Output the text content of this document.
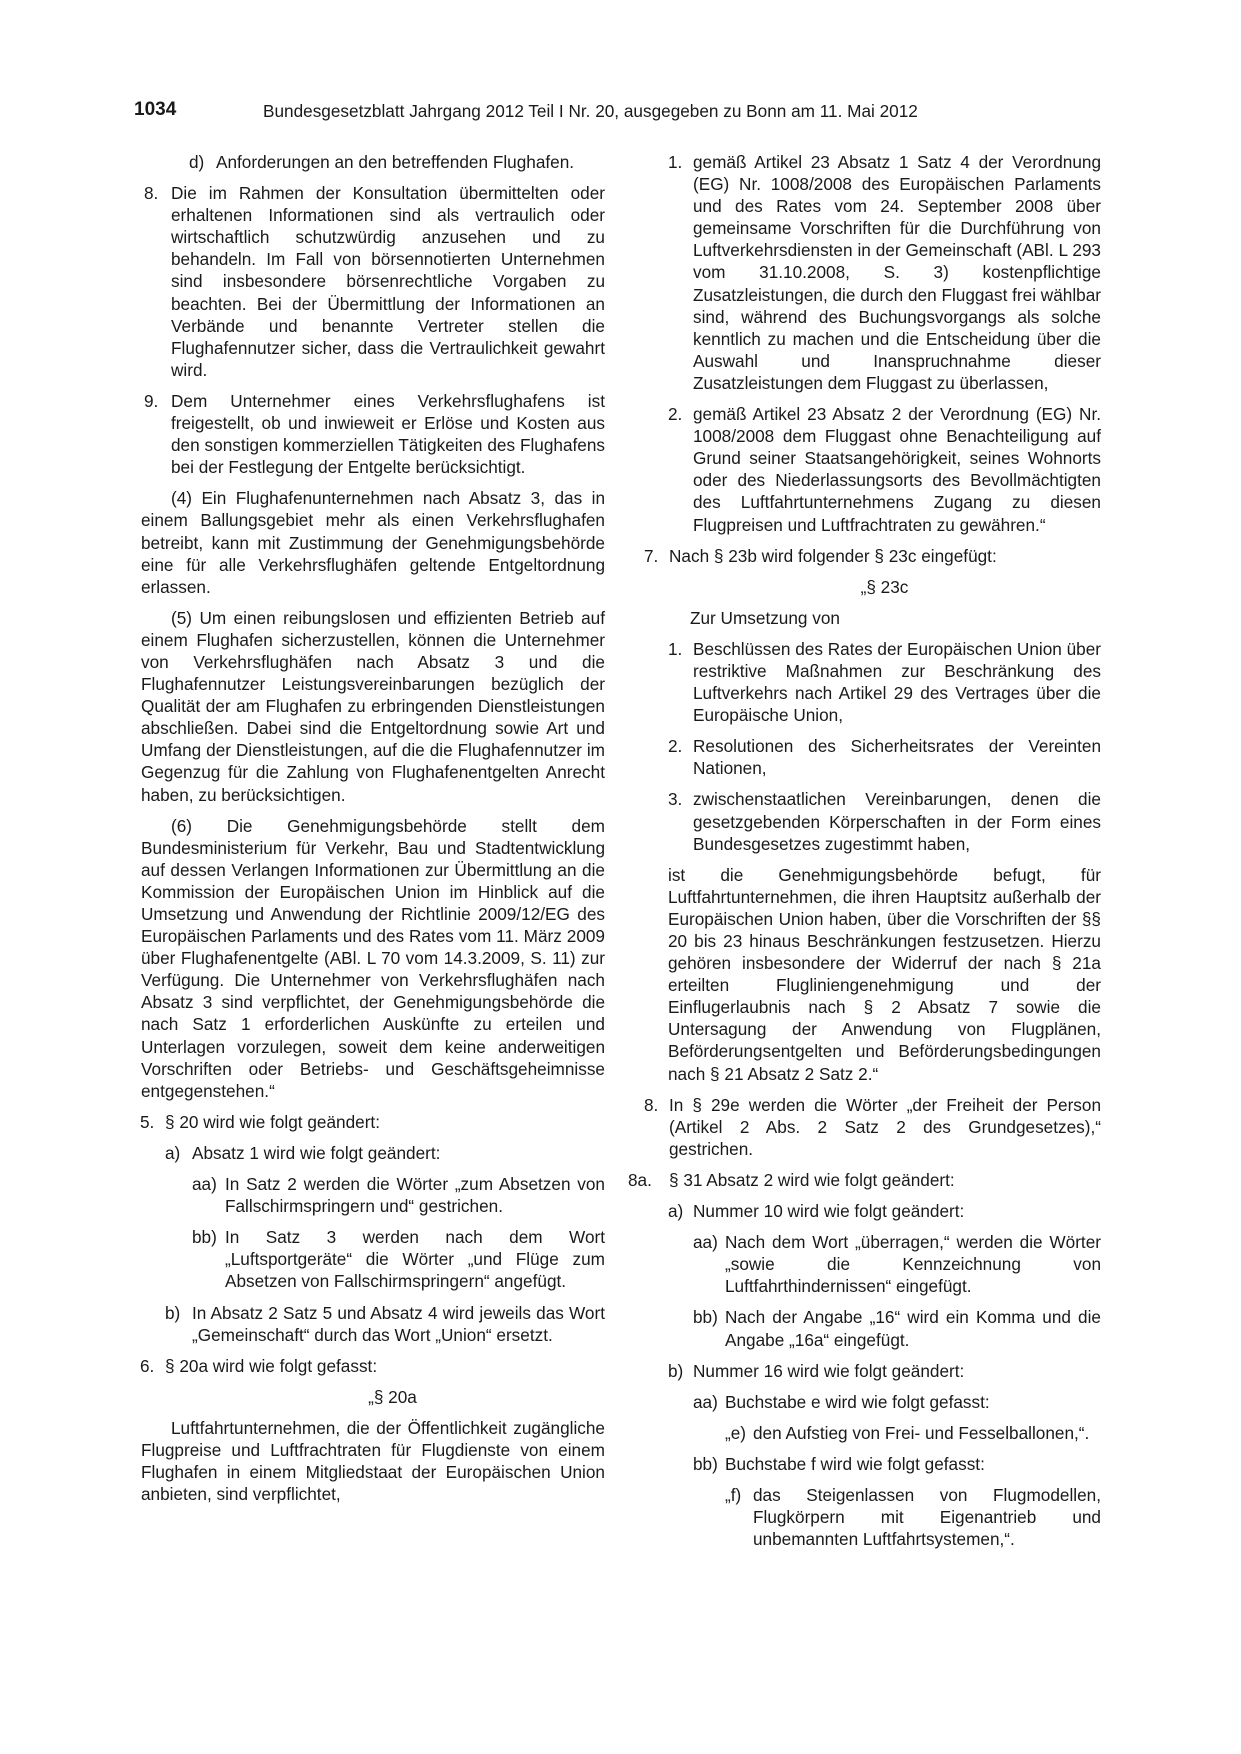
1034	Bundesgesetzblatt Jahrgang 2012 Teil I Nr. 20, ausgegeben zu Bonn am 11. Mai 2012
d) Anforderungen an den betreffenden Flughafen.
8. Die im Rahmen der Konsultation übermittelten oder erhaltenen Informationen sind als vertraulich oder wirtschaftlich schutzwürdig anzusehen und zu behandeln. Im Fall von börsennotierten Unternehmen sind insbesondere börsenrechtliche Vorgaben zu beachten. Bei der Übermittlung der Informationen an Verbände und benannte Vertreter stellen die Flughafennutzer sicher, dass die Vertraulichkeit gewahrt wird.
9. Dem Unternehmer eines Verkehrsflughafens ist freigestellt, ob und inwieweit er Erlöse und Kosten aus den sonstigen kommerziellen Tätigkeiten des Flughafens bei der Festlegung der Entgelte berücksichtigt.

(4) Ein Flughafenunternehmen nach Absatz 3, das in einem Ballungsgebiet mehr als einen Verkehrsflughafen betreibt, kann mit Zustimmung der Genehmigungsbehörde eine für alle Verkehrsflughäfen geltende Entgeltordnung erlassen.

(5) Um einen reibungslosen und effizienten Betrieb auf einem Flughafen sicherzustellen, können die Unternehmer von Verkehrsflughäfen nach Absatz 3 und die Flughafennutzer Leistungsvereinbarungen bezüglich der Qualität der am Flughafen zu erbringenden Dienstleistungen abschließen. Dabei sind die Entgeltordnung sowie Art und Umfang der Dienstleistungen, auf die die Flughafennutzer im Gegenzug für die Zahlung von Flughafenentgelten Anrecht haben, zu berücksichtigen.

(6) Die Genehmigungsbehörde stellt dem Bundesministerium für Verkehr, Bau und Stadtentwicklung auf dessen Verlangen Informationen zur Übermittlung an die Kommission der Europäischen Union im Hinblick auf die Umsetzung und Anwendung der Richtlinie 2009/12/EG des Europäischen Parlaments und des Rates vom 11. März 2009 über Flughafenentgelte (ABl. L 70 vom 14.3.2009, S. 11) zur Verfügung. Die Unternehmer von Verkehrsflughäfen nach Absatz 3 sind verpflichtet, der Genehmigungsbehörde die nach Satz 1 erforderlichen Auskünfte zu erteilen und Unterlagen vorzulegen, soweit dem keine anderweitigen Vorschriften oder Betriebs- und Geschäftsgeheimnisse entgegenstehen.“

5. § 20 wird wie folgt geändert:
a) Absatz 1 wird wie folgt geändert:
aa) In Satz 2 werden die Wörter „zum Absetzen von Fallschirmspringern und“ gestrichen.
bb) In Satz 3 werden nach dem Wort „Luftsportgeräte“ die Wörter „und Flüge zum Absetzen von Fallschirmspringern“ angefügt.
b) In Absatz 2 Satz 5 und Absatz 4 wird jeweils das Wort „Gemeinschaft“ durch das Wort „Union“ ersetzt.
6. § 20a wird wie folgt gefasst:

„§ 20a

Luftfahrtunternehmen, die der Öffentlichkeit zugängliche Flugpreise und Luftfrachtraten für Flugdienste von einem Flughafen in einem Mitgliedstaat der Europäischen Union anbieten, sind verpflichtet,

1. gemäß Artikel 23 Absatz 1 Satz 4 der Verordnung (EG) Nr. 1008/2008 des Europäischen Parlaments und des Rates vom 24. September 2008 über gemeinsame Vorschriften für die Durchführung von Luftverkehrsdiensten in der Gemeinschaft (ABl. L 293 vom 31.10.2008, S. 3) kostenpflichtige Zusatzleistungen, die durch den Fluggast frei wählbar sind, während des Buchungsvorgangs als solche kenntlich zu machen und die Entscheidung über die Auswahl und Inanspruchnahme dieser Zusatzleistungen dem Fluggast zu überlassen,
2. gemäß Artikel 23 Absatz 2 der Verordnung (EG) Nr. 1008/2008 dem Fluggast ohne Benachteiligung auf Grund seiner Staatsangehörigkeit, seines Wohnorts oder des Niederlassungsorts des Bevollmächtigten des Luftfahrtunternehmens Zugang zu diesen Flugpreisen und Luftfrachtraten zu gewähren.“
7. Nach § 23b wird folgender § 23c eingefügt:

„§ 23c

Zur Umsetzung von

1. Beschlüssen des Rates der Europäischen Union über restriktive Maßnahmen zur Beschränkung des Luftverkehrs nach Artikel 29 des Vertrages über die Europäische Union,
2. Resolutionen des Sicherheitsrates der Vereinten Nationen,
3. zwischenstaatlichen Vereinbarungen, denen die gesetzgebenden Körperschaften in der Form eines Bundesgesetzes zugestimmt haben,

ist die Genehmigungsbehörde befugt, für Luftfahrtunternehmen, die ihren Hauptsitz außerhalb der Europäischen Union haben, über die Vorschriften der §§ 20 bis 23 hinaus Beschränkungen festzusetzen. Hierzu gehören insbesondere der Widerruf der nach § 21a erteilten Flugliniengenehmigung und der Einflugerlaubnis nach § 2 Absatz 7 sowie die Untersagung der Anwendung von Flugplänen, Beförderungsentgelten und Beförderungsbedingungen nach § 21 Absatz 2 Satz 2.“

8. In § 29e werden die Wörter „der Freiheit der Person (Artikel 2 Abs. 2 Satz 2 des Grundgesetzes),“ gestrichen.
8a. § 31 Absatz 2 wird wie folgt geändert:
a) Nummer 10 wird wie folgt geändert:
aa) Nach dem Wort „überragen,“ werden die Wörter „sowie die Kennzeichnung von Luftfahrthindernissen“ eingefügt.
bb) Nach der Angabe „16“ wird ein Komma und die Angabe „16a“ eingefügt.
b) Nummer 16 wird wie folgt geändert:
aa) Buchstabe e wird wie folgt gefasst:
„e) den Aufstieg von Frei- und Fesselballonen,“.
bb) Buchstabe f wird wie folgt gefasst:
„f) das Steigenlassen von Flugmodellen, Flugkörpern mit Eigenantrieb und unbemannten Luftfahrtsystemen,“.
